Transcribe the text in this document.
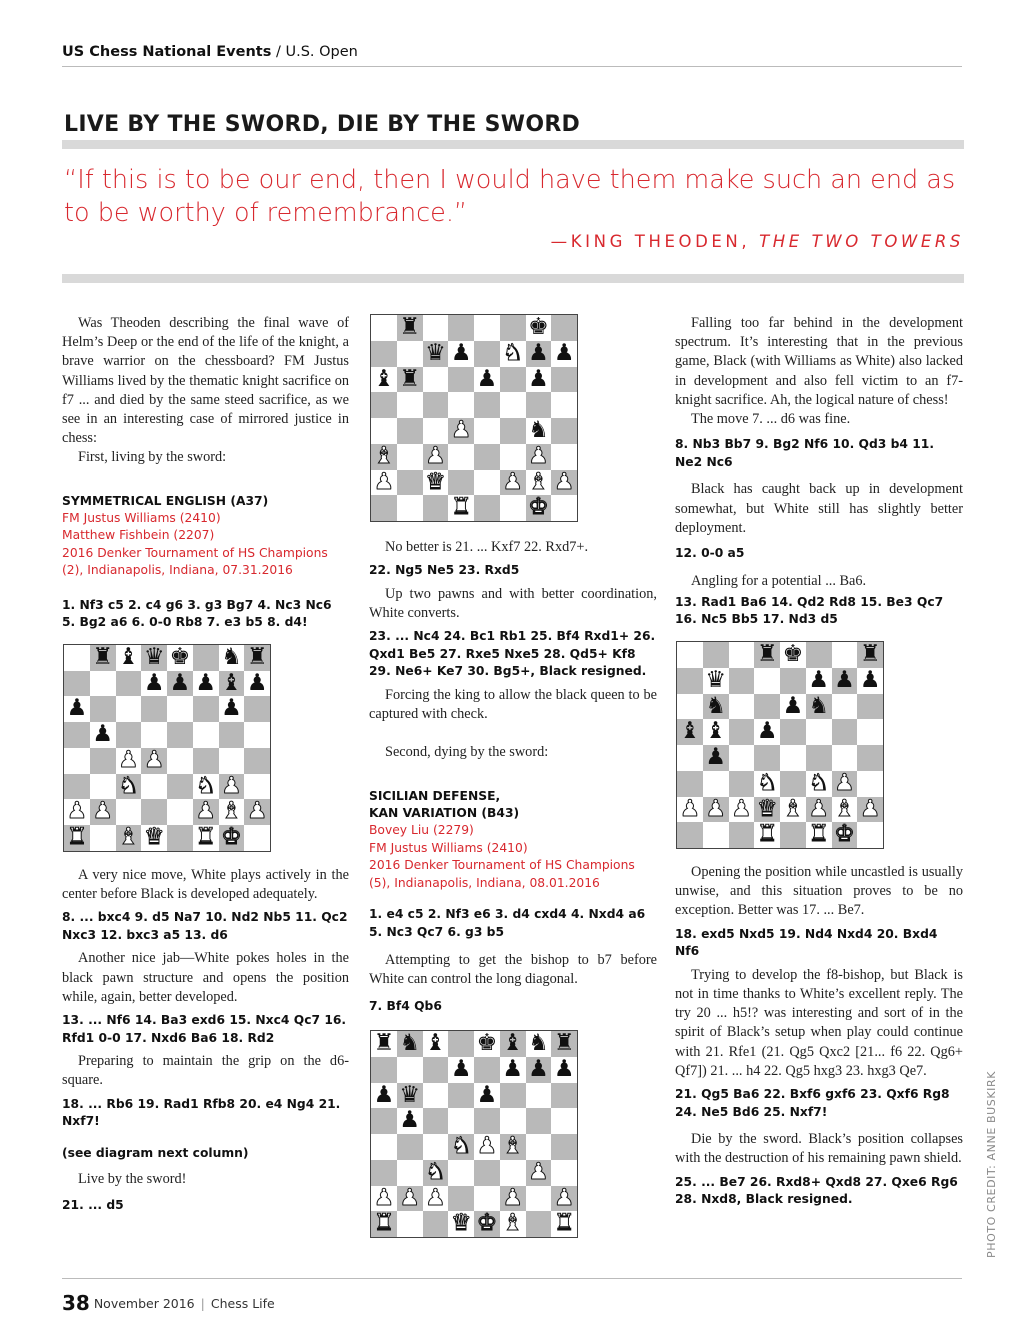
US Chess National Events / U.S. Open
LIVE BY THE SWORD, DIE BY THE SWORD
“If this is to be our end, then I would have them make such an end as to be worthy of remembrance.”
—KING THEODEN, THE TWO TOWERS

Was Theoden describing the final wave of Helm’s Deep or the end of the life of the knight, a brave warrior on the chessboard? FM Justus Williams lived by the thematic knight sacrifice on f7 ... and died by the same steed sacrifice, as we see in an interesting case of mirrored justice in chess:

First, living by the sword:

SYMMETRICAL ENGLISH (A37)

FM Justus Williams (2410)

Matthew Fishbein (2207)

2016 Denker Tournament of HS Champions (2), Indianapolis, Indiana, 07.31.2016

1. Nf3 c5 2. c4 g6 3. g3 Bg7 4. Nc3 Nc6 5. Bg2 a6 6. 0-0 Rb8 7. e3 b5 8. d4!

♜ ♝ ♛ ♚ ♞ ♜
♟ ♟ ♟ ♝ ♟
♟	♟
♟
♟ ♟
♞ ♞ ♟
♟ ♟	♟ ♝ ♟
♜ ♝ ♛ ♜ ♚

A very nice move, White plays actively in the center before Black is developed adequately.

8. ... bxc4 9. d5 Na7 10. Nd2 Nb5 11. Qc2 Nxc3 12. bxc3 a5 13. d6

Another nice jab—White pokes holes in the black pawn structure and opens the position while, again, better developed.

13. ... Nf6 14. Ba3 exd6 15. Nxc4 Qc7 16. Rfd1 0-0 17. Nxd6 Ba6 18. Rd2

Preparing to maintain the grip on the d6-square.

18. ... Rb6 19. Rad1 Rfb8 20. e4 Ng4 21. Nxf7!

(see diagram next column)

Live by the sword!

21. ... d5

♜	♚
♛ ♟ ♞ ♟ ♟
♝ ♜ ♟ ♟
♟ ♞
♝ ♟	♟
♟ ♛ ♟ ♝ ♟
♜ ♚

No better is 21. ... Kxf7 22. Rxd7+.

22. Ng5 Ne5 23. Rxd5

Up two pawns and with better coordination, White converts.

23. ... Nc4 24. Bc1 Rb1 25. Bf4 Rxd1+ 26. Qxd1 Be5 27. Rxe5 Nxe5 28. Qd5+ Kf8 29. Ne6+ Ke7 30. Bg5+, Black resigned.

Forcing the king to allow the black queen to be captured with check.

Second, dying by the sword:

SICILIAN DEFENSE,

KAN VARIATION (B43)

Bovey Liu (2279)

FM Justus Williams (2410)

2016 Denker Tournament of HS Champions (5), Indianapolis, Indiana, 08.01.2016

1. e4 c5 2. Nf3 e6 3. d4 cxd4 4. Nxd4 a6 5. Nc3 Qc7 6. g3 b5

Attempting to get the bishop to b7 before White can control the long diagonal.

7. Bf4 Qb6

♜ ♞ ♝ ♚ ♝ ♞ ♜
♟ ♟ ♟ ♟
♟ ♛ ♟
♟
♞ ♟ ♝
♞	♟
♟ ♟ ♟ ♟ ♟
♜ ♛ ♚ ♝ ♜

Falling too far behind in the development spectrum. It’s interesting that in the previous game, Black (with Williams as White) also lacked in development and also fell victim to an f7-knight sacrifice. Ah, the logical nature of chess!

The move 7. ... d6 was fine.

8. Nb3 Bb7 9. Bg2 Nf6 10. Qd3 b4 11. Ne2 Nc6

Black has caught back up in development somewhat, but White still has slightly better deployment.

12. 0-0 a5

Angling for a potential ... Ba6.

13. Rad1 Ba6 14. Qd2 Rd8 15. Be3 Qc7 16. Nc5 Bb5 17. Nd3 d5

♜ ♚ ♜
♛	♟ ♟ ♟
♞ ♟ ♞
♝ ♝ ♟
♟
♞ ♞ ♟
♟ ♟ ♟ ♛ ♝ ♟ ♝ ♟
♜ ♜ ♚

Opening the position while uncastled is usually unwise, and this situation proves to be no exception. Better was 17. ... Be7.

18. exd5 Nxd5 19. Nd4 Nxd4 20. Bxd4 Nf6

Trying to develop the f8-bishop, but Black is not in time thanks to White’s excellent reply. The try 20 ... h5!? was interesting and sort of in the spirit of Black’s setup when play could continue with 21. Rfe1 (21. Qg5 Qxc2 [21... f6 22. Qg6+ Qf7]) 21. ... h4 22. Qg5 hxg3 23. hxg3 Qe7.

21. Qg5 Ba6 22. Bxf6 gxf6 23. Qxf6 Rg8 24. Ne5 Bd6 25. Nxf7!

Die by the sword. Black’s position collapses with the destruction of his remaining pawn shield.

25. ... Be7 26. Rxd8+ Qxd8 27. Qxe6 Rg6 28. Nxd8, Black resigned.	PHOTO CREDIT: ANNE BUSKIRK
38 November 2016 | Chess Life
